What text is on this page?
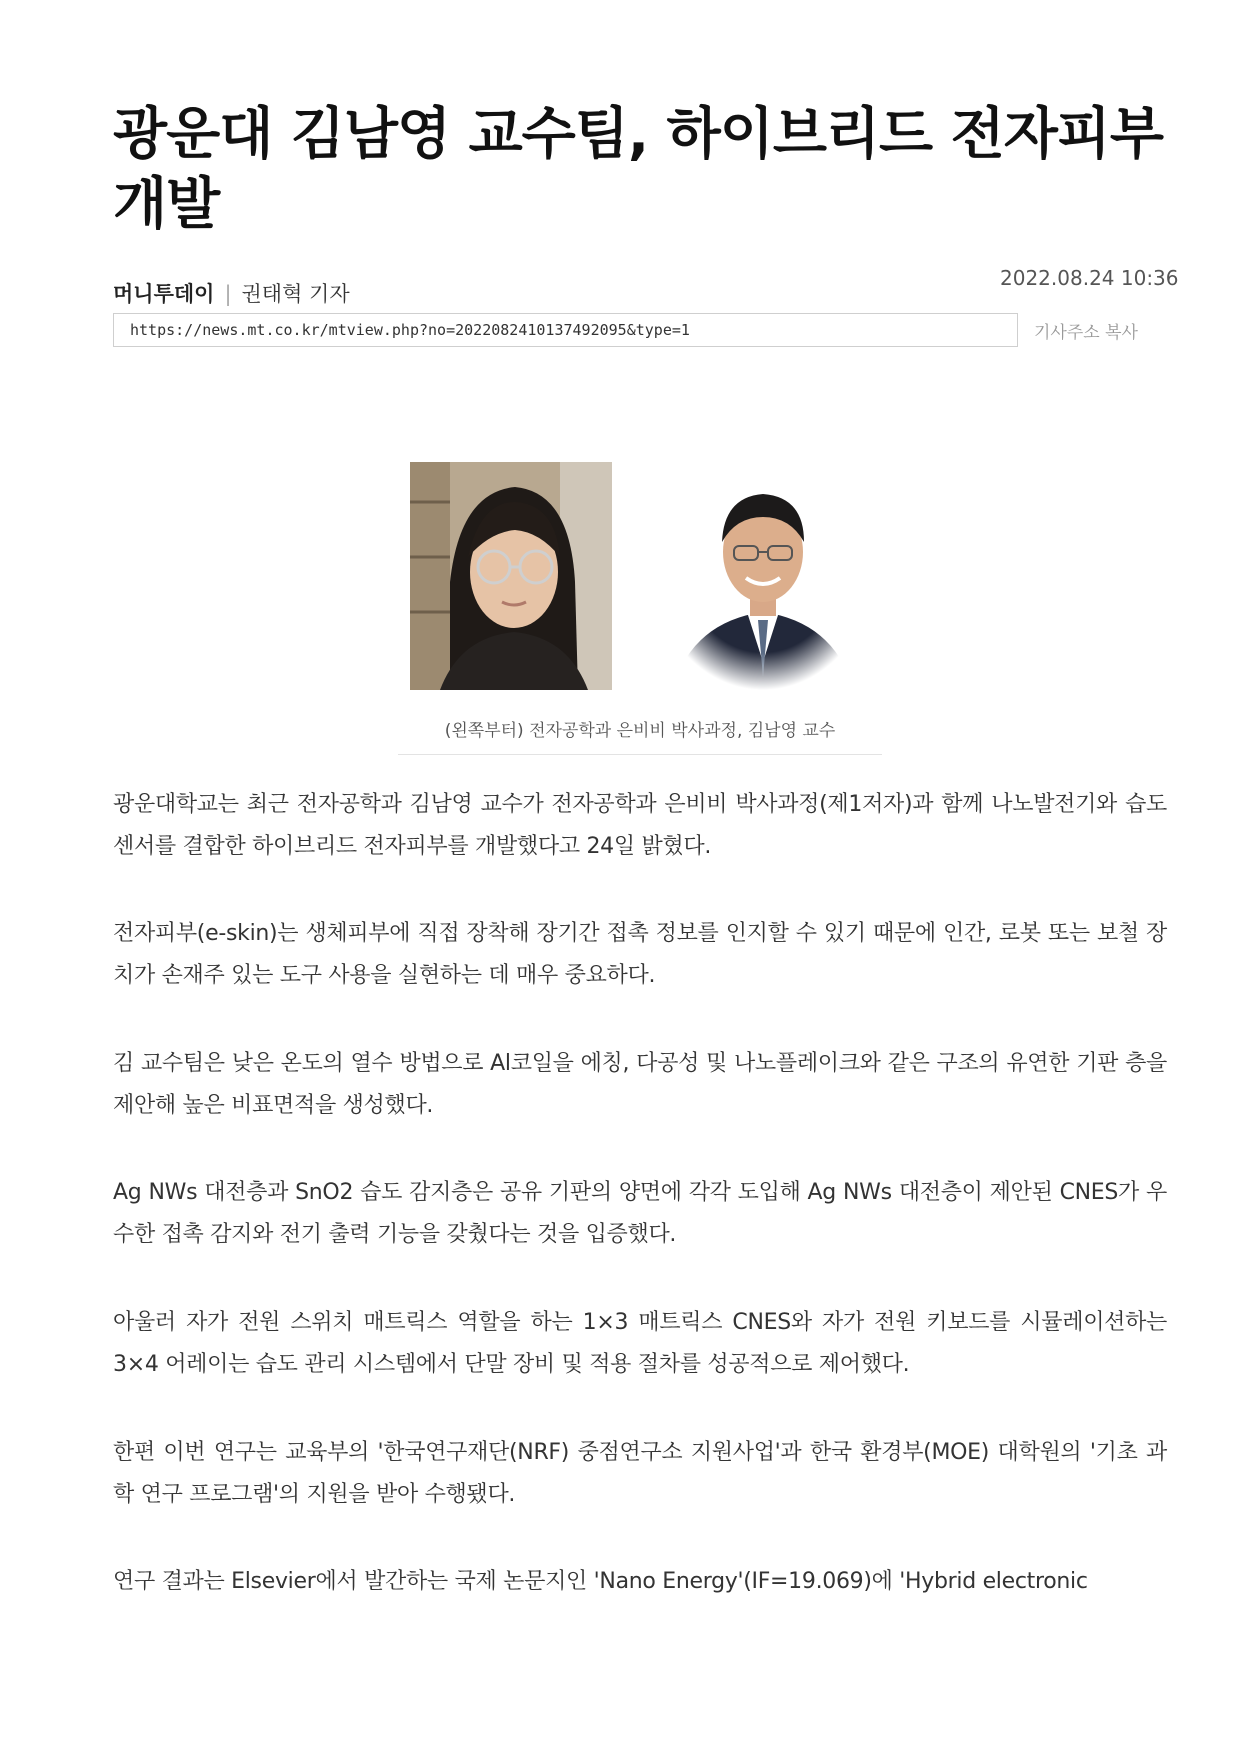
광운대 김남영 교수팀, 하이브리드 전자피부 개발
2022.08.24 10:36
머니투데이 | 권태혁 기자
https://news.mt.co.kr/mtview.php?no=2022082410137492095&type=1	기사주소 복사
(왼쪽부터) 전자공학과 은비비 박사과정, 김남영 교수

광운대학교는 최근 전자공학과 김남영 교수가 전자공학과 은비비 박사과정(제1저자)과 함께 나노발전기와 습도 센서를 결합한 하이브리드 전자피부를 개발했다고 24일 밝혔다.

전자피부(e-skin)는 생체피부에 직접 장착해 장기간 접촉 정보를 인지할 수 있기 때문에 인간, 로봇 또는 보철 장치가 손재주 있는 도구 사용을 실현하는 데 매우 중요하다.

김 교수팀은 낮은 온도의 열수 방법으로 Al코일을 에칭, 다공성 및 나노플레이크와 같은 구조의 유연한 기판 층을 제안해 높은 비표면적을 생성했다.

Ag NWs 대전층과 SnO2 습도 감지층은 공유 기판의 양면에 각각 도입해 Ag NWs 대전층이 제안된 CNES가 우수한 접촉 감지와 전기 출력 기능을 갖췄다는 것을 입증했다.

아울러 자가 전원 스위치 매트릭스 역할을 하는 1×3 매트릭스 CNES와 자가 전원 키보드를 시뮬레이션하는 3×4 어레이는 습도 관리 시스템에서 단말 장비 및 적용 절차를 성공적으로 제어했다.

한편 이번 연구는 교육부의 '한국연구재단(NRF) 중점연구소 지원사업'과 한국 환경부(MOE) 대학원의 '기초 과학 연구 프로그램'의 지원을 받아 수행됐다.

연구 결과는 Elsevier에서 발간하는 국제 논문지인 'Nano Energy'(IF=19.069)에 'Hybrid electronic
